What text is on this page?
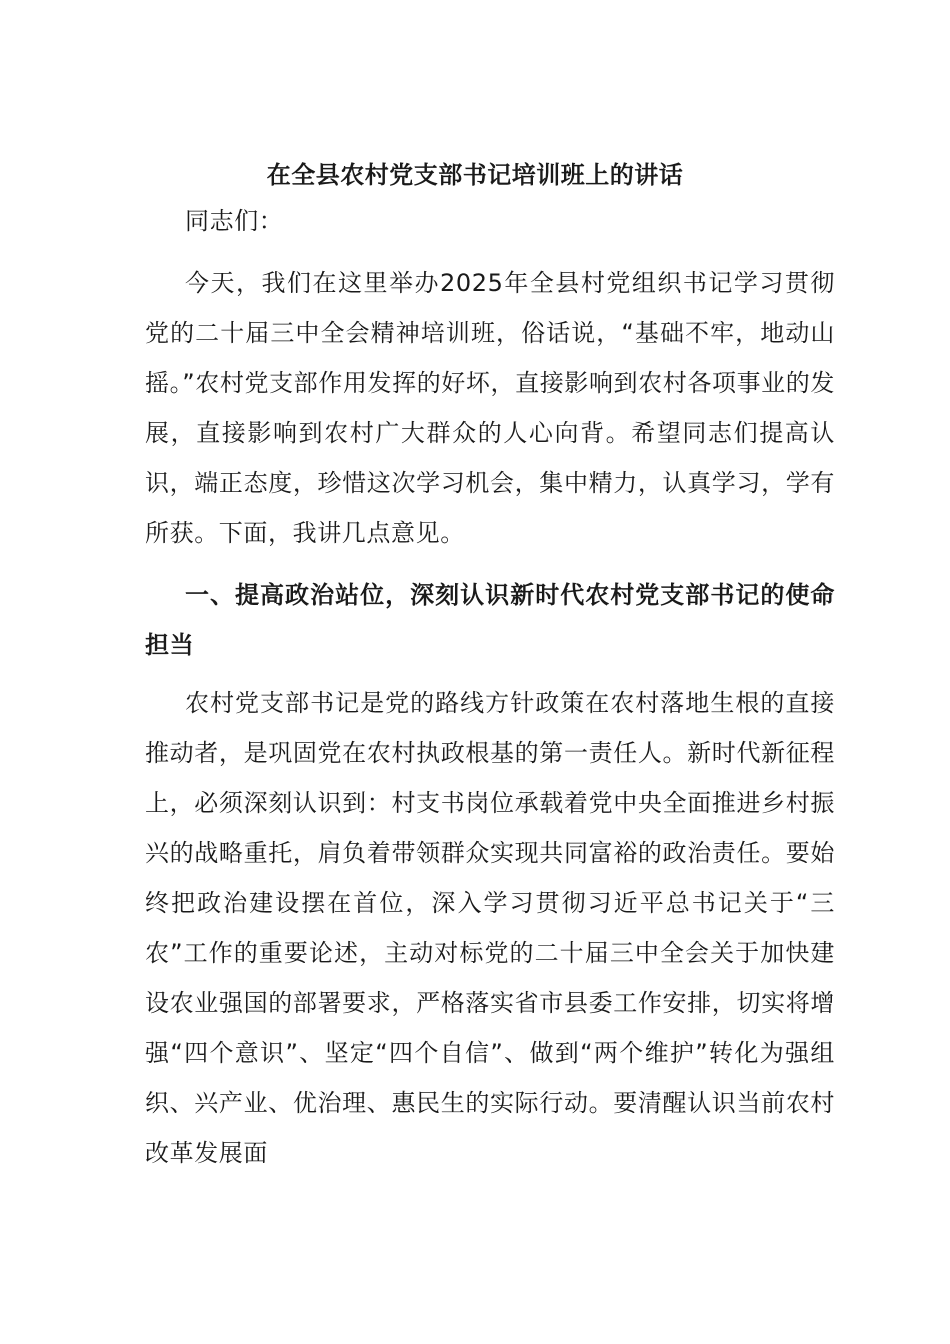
在全县农村党支部书记培训班上的讲话

同志们：

今天，我们在这里举办2025年全县村党组织书记学习贯彻党的二十届三中全会精神培训班，俗话说，“基础不牢，地动山摇。”农村党支部作用发挥的好坏，直接影响到农村各项事业的发展，直接影响到农村广大群众的人心向背。希望同志们提高认识，端正态度，珍惜这次学习机会，集中精力，认真学习，学有所获。下面，我讲几点意见。

一、提高政治站位，深刻认识新时代农村党支部书记的使命担当

农村党支部书记是党的路线方针政策在农村落地生根的直接推动者，是巩固党在农村执政根基的第一责任人。新时代新征程上，必须深刻认识到：村支书岗位承载着党中央全面推进乡村振兴的战略重托，肩负着带领群众实现共同富裕的政治责任。要始终把政治建设摆在首位，深入学习贯彻习近平总书记关于“三农”工作的重要论述，主动对标党的二十届三中全会关于加快建设农业强国的部署要求，严格落实省市县委工作安排，切实将增强“四个意识”、坚定“四个自信”、做到“两个维护”转化为强组织、兴产业、优治理、惠民生的实际行动。要清醒认识当前农村改革发展面
